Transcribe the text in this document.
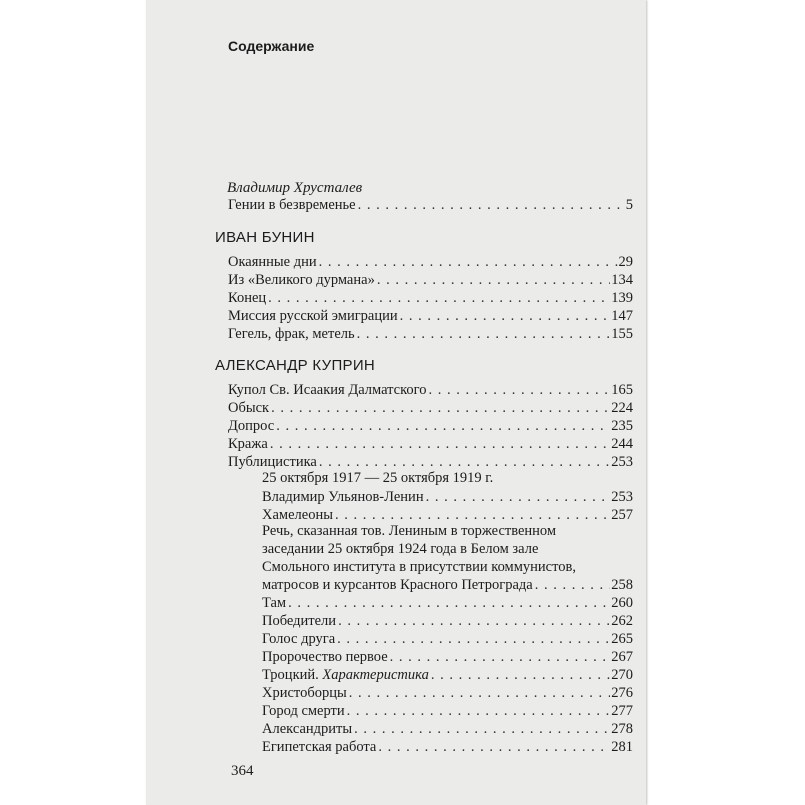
Содержание
Владимир Хрусталев
Гении в безвременье . . .	5
ИВАН БУНИН
Окаянные дни . . .	29
Из «Великого дурмана» . . .	134
Конец . . .	139
Миссия русской эмиграции . . .	147
Гегель, фрак, метель . . .	155
АЛЕКСАНДР КУПРИН
Купол Св. Исаакия Далматского . . .	165
Обыск . . .	224
Допрос . . .	235
Кража . . .	244
Публицистика . . .	253
25 октября 1917 — 25 октября 1919 г.
Владимир Ульянов-Ленин . . .	253
Хамелеоны . . .	257
Речь, сказанная тов. Лениным в торжественном
заседании 25 октября 1924 года в Белом зале
Смольного института в присутствии коммунистов,
матросов и курсантов Красного Петрограда . . .	258
Там . . .	260
Победители . . .	262
Голос друга . . .	265
Пророчество первое . . .	267
Троцкий. Характеристика . . .	270
Христоборцы . . .	276
Город смерти . . .	277
Александриты . . .	278
Египетская работа . . .	281
364
